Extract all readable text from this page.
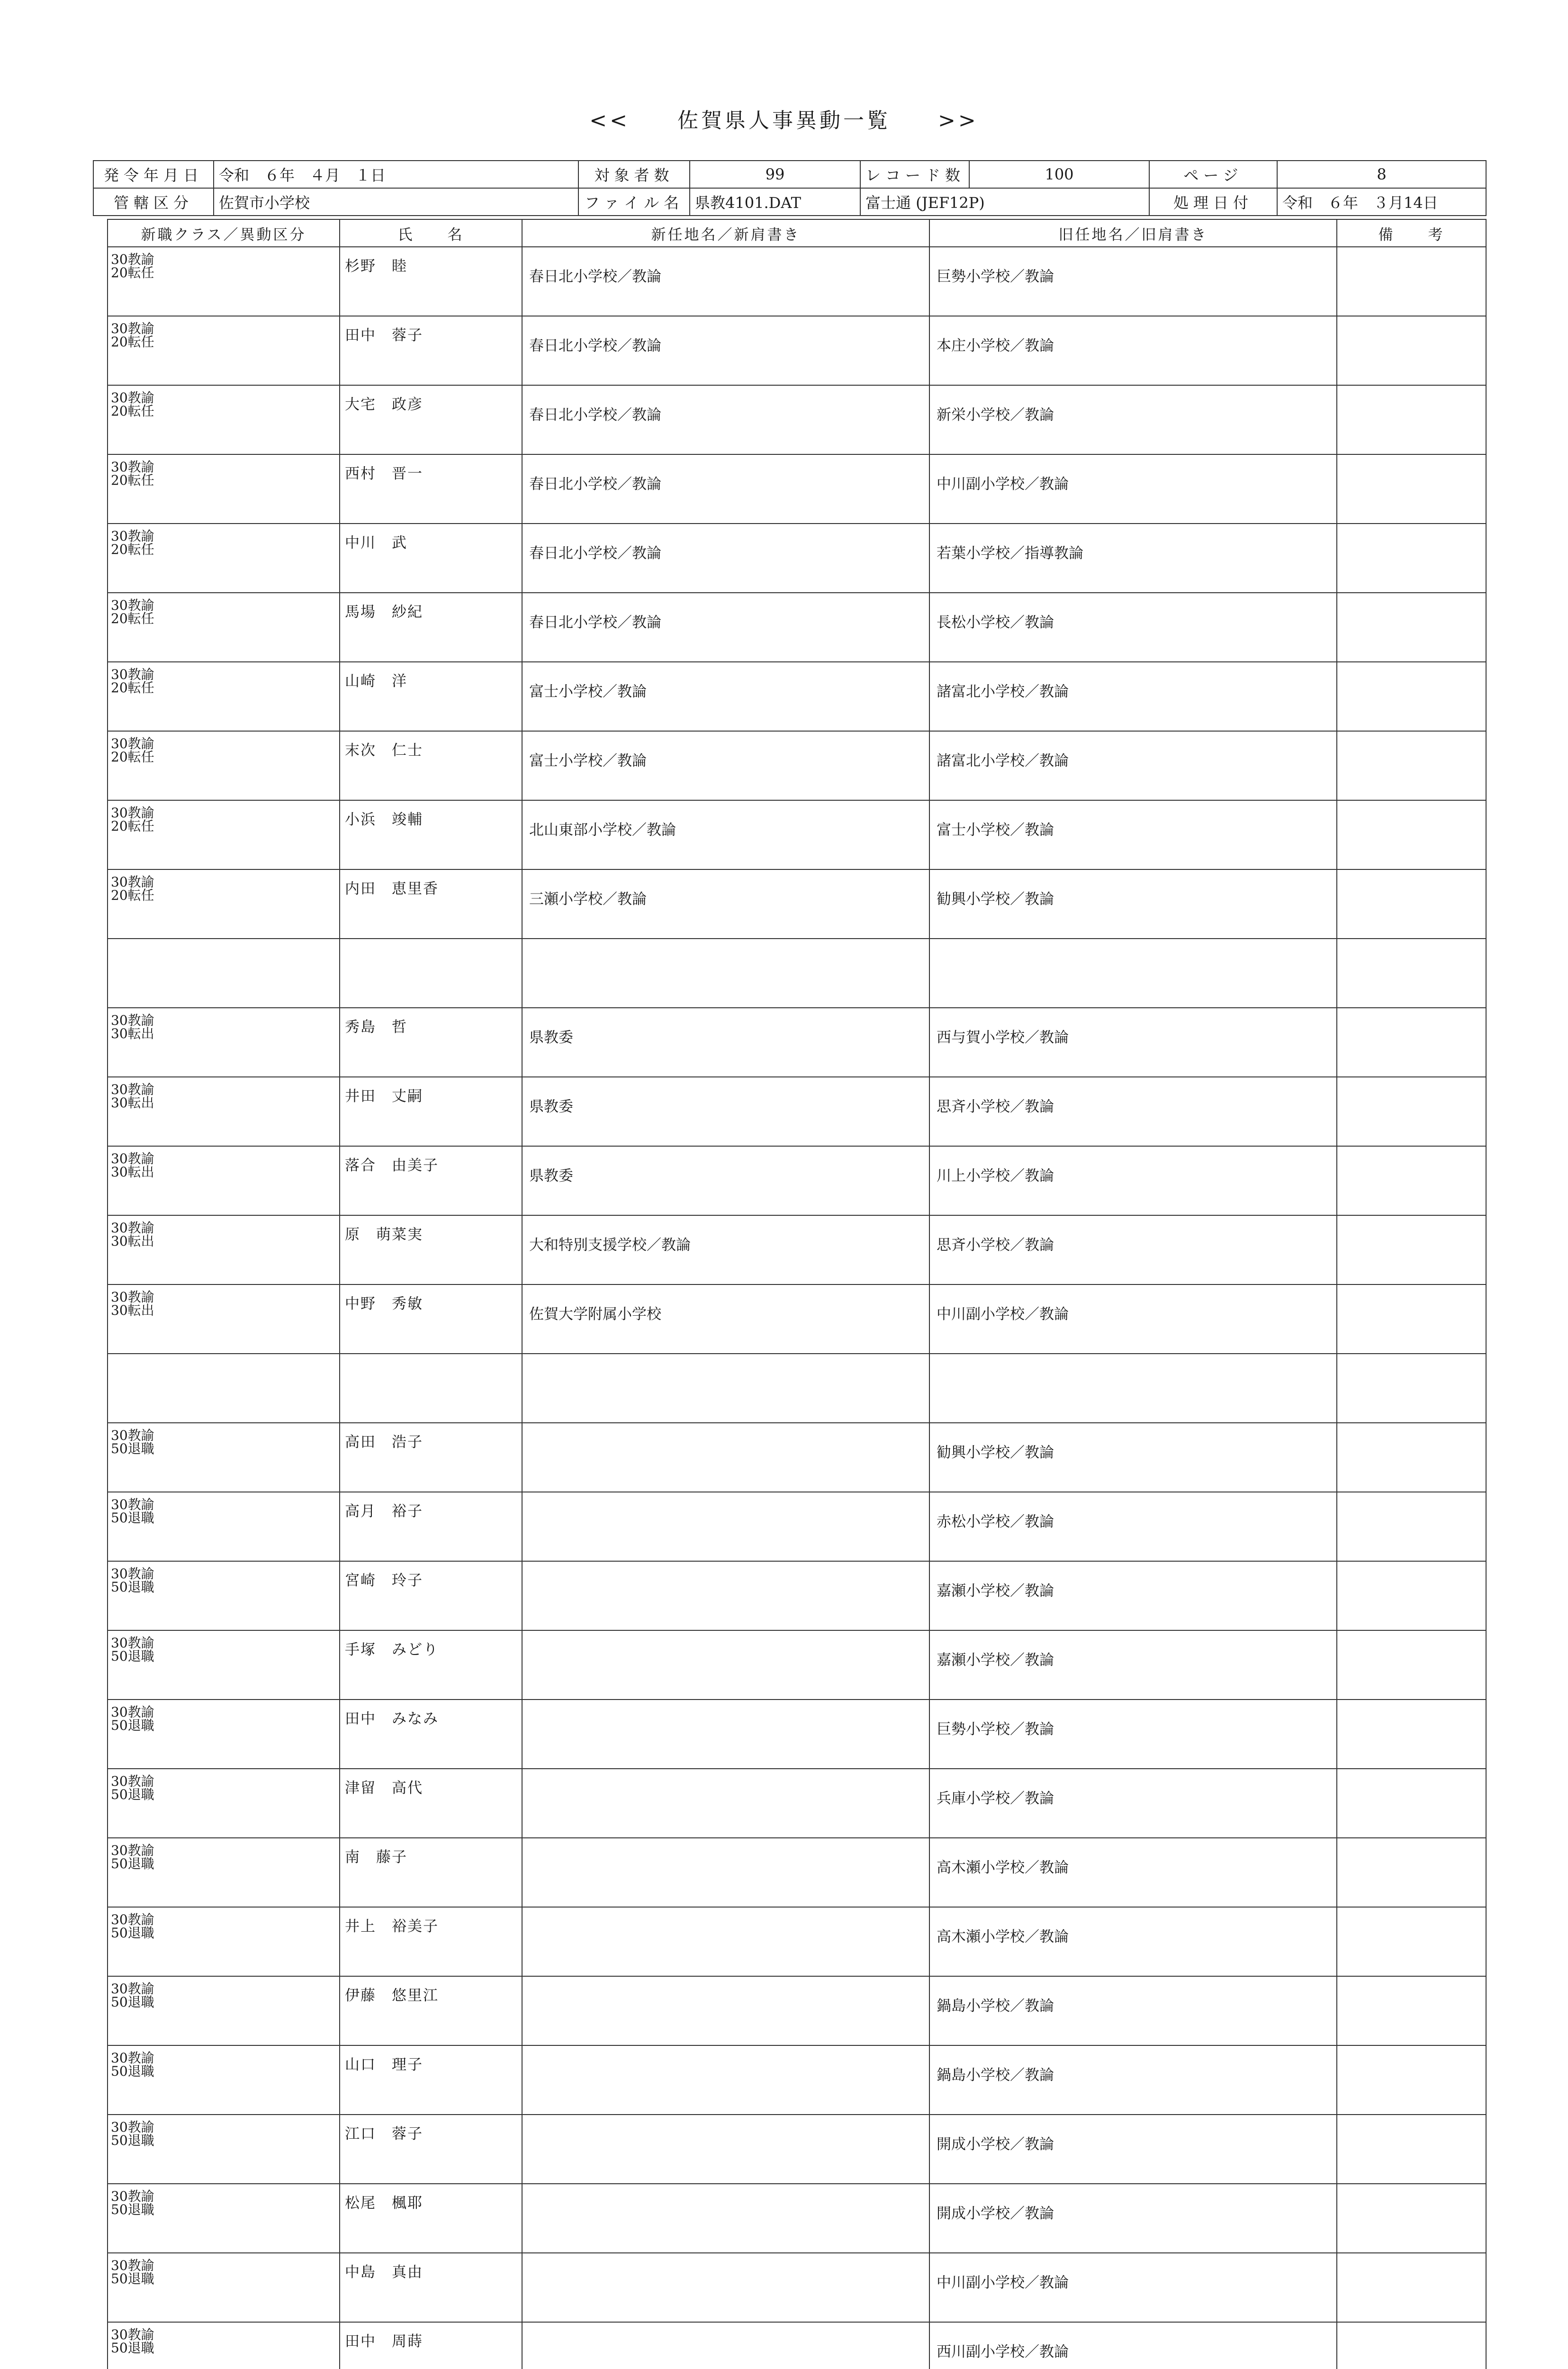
<< 佐賀県人事異動一覧 >>
発令年月日	令和　６年　４月　１日	対象者数	99	レコード数	100	ページ	8
管轄区分	佐賀市小学校	ファイル名	県教4101.DAT	富士通 (JEF12P)		処理日付	令和　６年　３月14日
新職クラス／異動区分	氏　　名	新任地名／新肩書き	旧任地名／旧肩書き	備　　考

30教諭
20転任	杉野　睦	春日北小学校／教論	巨勢小学校／教論	

30教諭
20転任	田中　蓉子	春日北小学校／教論	本庄小学校／教論	

30教諭
20転任	大宅　政彦	春日北小学校／教論	新栄小学校／教論	

30教諭
20転任	西村　晋一	春日北小学校／教論	中川副小学校／教論	

30教諭
20転任	中川　武	春日北小学校／教論	若葉小学校／指導教論	

30教諭
20転任	馬場　紗紀	春日北小学校／教論	長松小学校／教論	

30教諭
20転任	山崎　洋	富士小学校／教論	諸富北小学校／教論	

30教諭
20転任	末次　仁士	富士小学校／教論	諸富北小学校／教論	

30教諭
20転任	小浜　竣輔	北山東部小学校／教論	富士小学校／教論	

30教諭
20転任	内田　恵里香	三瀬小学校／教論	勧興小学校／教論	

30教諭
30転出	秀島　哲	県教委	西与賀小学校／教論	

30教諭
30転出	井田　丈嗣	県教委	思斉小学校／教論	

30教諭
30転出	落合　由美子	県教委	川上小学校／教論	

30教諭
30転出	原　萌菜実	大和特別支援学校／教論	思斉小学校／教論	

30教諭
30転出	中野　秀敏	佐賀大学附属小学校	中川副小学校／教論	

30教諭
50退職	高田　浩子		勧興小学校／教論	

30教諭
50退職	高月　裕子		赤松小学校／教論	

30教諭
50退職	宮崎　玲子		嘉瀬小学校／教論	

30教諭
50退職	手塚　みどり		嘉瀬小学校／教論	

30教諭
50退職	田中　みなみ		巨勢小学校／教論	

30教諭
50退職	津留　高代		兵庫小学校／教論	

30教諭
50退職	南　藤子		高木瀬小学校／教論	

30教諭
50退職	井上　裕美子		高木瀬小学校／教論	

30教諭
50退職	伊藤　悠里江		鍋島小学校／教論	

30教諭
50退職	山口　理子		鍋島小学校／教論	

30教諭
50退職	江口　蓉子		開成小学校／教論	

30教諭
50退職	松尾　楓耶		開成小学校／教論	

30教諭
50退職	中島　真由		中川副小学校／教論	

30教諭
50退職	田中　周蒔		西川副小学校／教論	
